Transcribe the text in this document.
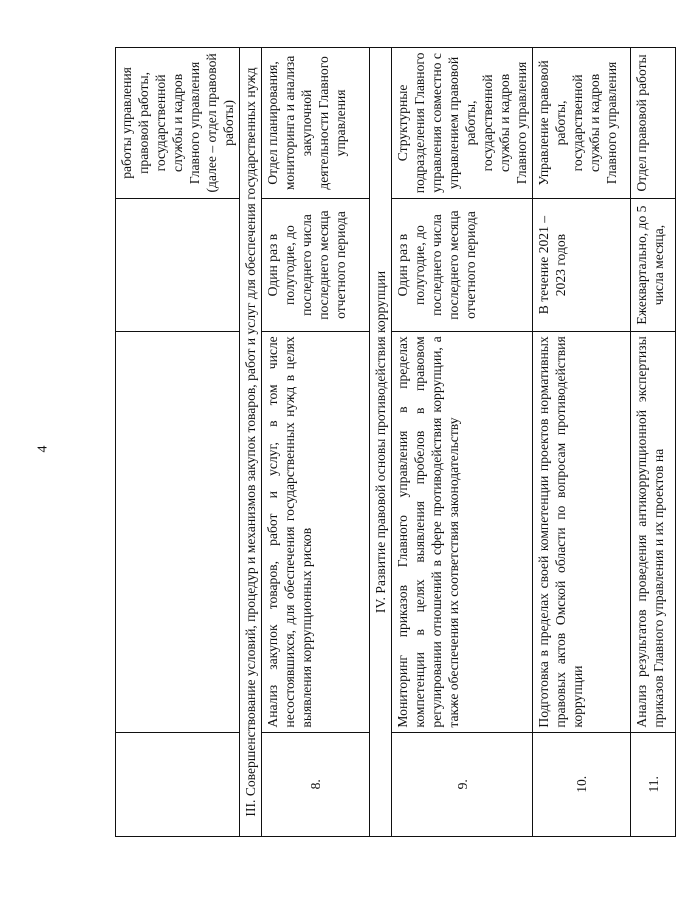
4
			работы управления правовой работы, государственной службы и кадров Главного управления (далее – отдел правовой работы)
III. Совершенствование условий, процедур и механизмов закупок товаров, работ и услуг для обеспечения государственных нужд			
8.	Анализ закупок товаров, работ и услуг, в том числе несостоявшихся, для обеспечения государственных нужд в целях выявления коррупционных рисков	Один раз в полугодие, до последнего числа последнего месяца отчетного периода	Отдел планирования, мониторинга и анализа закупочной деятельности Главного управления
IV. Развитие правовой основы противодействия коррупции			
9.	Мониторинг приказов Главного управления в пределах компетенции в целях выявления пробелов в правовом регулировании отношений в сфере противодействия коррупции, а также обеспечения их соответствия законодательству	Один раз в полугодие, до последнего числа последнего месяца отчетного периода	Структурные подразделения Главного управления совместно с управлением правовой работы, государственной службы и кадров Главного управления
10.	Подготовка в пределах своей компетенции проектов нормативных правовых актов Омской области по вопросам противодействия коррупции	В течение 2021 – 2023 годов	Управление правовой работы, государственной службы и кадров Главного управления
11.	Анализ результатов проведения антикоррупционной экспертизы приказов Главного управления и их проектов на	Ежеквартально, до 5 числа месяца,	Отдел правовой работы
